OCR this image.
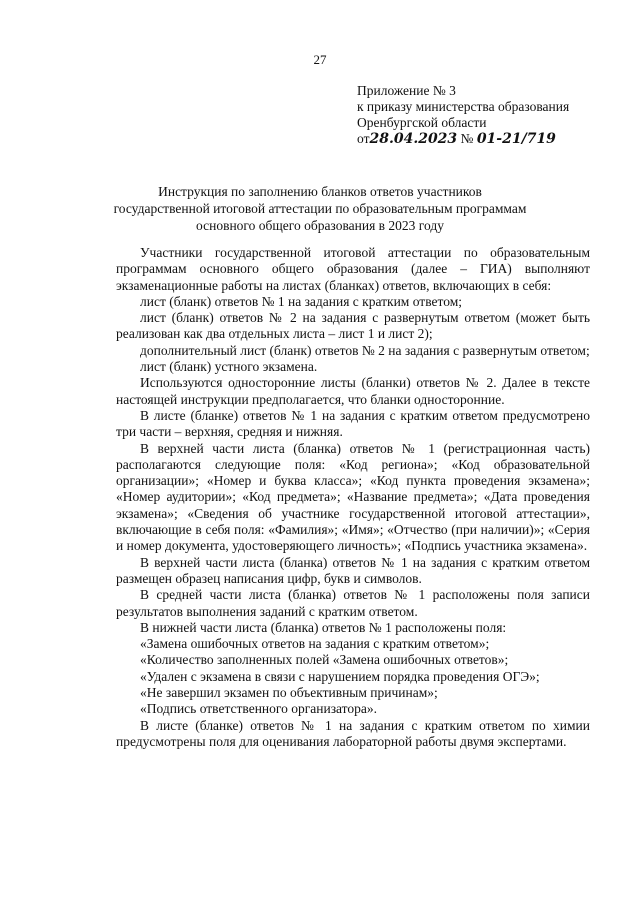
27
Приложение № 3
к приказу министерства образования
Оренбургской области
от28.04.2023 № 01-21/719
Инструкция по заполнению бланков ответов участников
государственной итоговой аттестации по образовательным программам
основного общего образования в 2023 году

Участники государственной итоговой аттестации по образовательным программам основного общего образования (далее – ГИА) выполняют экзаменационные работы на листах (бланках) ответов, включающих в себя:

лист (бланк) ответов № 1 на задания с кратким ответом;

лист (бланк) ответов № 2 на задания с развернутым ответом (может быть реализован как два отдельных листа – лист 1 и лист 2);

дополнительный лист (бланк) ответов № 2 на задания с развернутым ответом;

лист (бланк) устного экзамена.

Используются односторонние листы (бланки) ответов № 2. Далее в тексте настоящей инструкции предполагается, что бланки односторонние.

В листе (бланке) ответов № 1 на задания с кратким ответом предусмотрено три части – верхняя, средняя и нижняя.

В верхней части листа (бланка) ответов № 1 (регистрационная часть) располагаются следующие поля: «Код региона»; «Код образовательной организации»; «Номер и буква класса»; «Код пункта проведения экзамена»; «Номер аудитории»; «Код предмета»; «Название предмета»; «Дата проведения экзамена»; «Сведения об участнике государственной итоговой аттестации», включающие в себя поля: «Фамилия»; «Имя»; «Отчество (при наличии)»; «Серия и номер документа, удостоверяющего личность»; «Подпись участника экзамена».

В верхней части листа (бланка) ответов № 1 на задания с кратким ответом размещен образец написания цифр, букв и символов.

В средней части листа (бланка) ответов № 1 расположены поля записи результатов выполнения заданий с кратким ответом.

В нижней части листа (бланка) ответов № 1 расположены поля:

«Замена ошибочных ответов на задания с кратким ответом»;

«Количество заполненных полей «Замена ошибочных ответов»;

«Удален с экзамена в связи с нарушением порядка проведения ОГЭ»;

«Не завершил экзамен по объективным причинам»;

«Подпись ответственного организатора».

В листе (бланке) ответов № 1 на задания с кратким ответом по химии предусмотрены поля для оценивания лабораторной работы двумя экспертами.
